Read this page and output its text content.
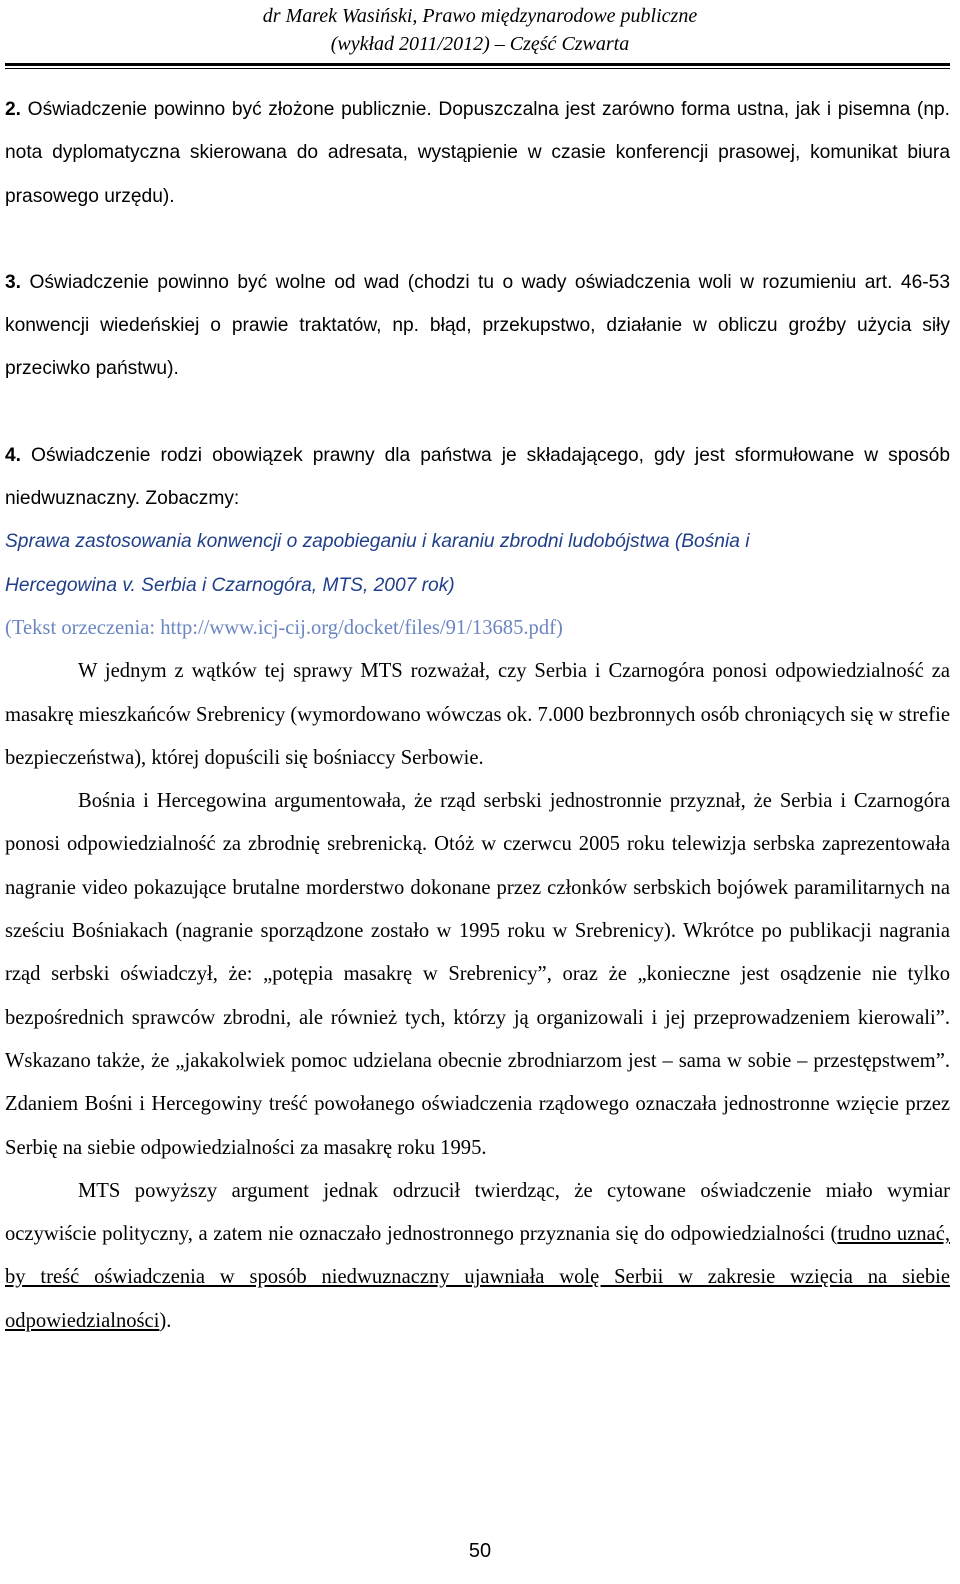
dr Marek Wasiński, Prawo międzynarodowe publiczne
(wykład 2011/2012) – Część Czwarta

2. Oświadczenie powinno być złożone publicznie. Dopuszczalna jest zarówno forma ustna, jak i pisemna (np. nota dyplomatyczna skierowana do adresata, wystąpienie w czasie konferencji prasowej, komunikat biura prasowego urzędu).

3. Oświadczenie powinno być wolne od wad (chodzi tu o wady oświadczenia woli w rozumieniu art. 46-53 konwencji wiedeńskiej o prawie traktatów, np. błąd, przekupstwo, działanie w obliczu groźby użycia siły przeciwko państwu).

4. Oświadczenie rodzi obowiązek prawny dla państwa je składającego, gdy jest sformułowane w sposób niedwuznaczny. Zobaczmy:

Sprawa zastosowania konwencji o zapobieganiu i karaniu zbrodni ludobójstwa (Bośnia i

Hercegowina v. Serbia i Czarnogóra, MTS, 2007 rok)

(Tekst orzeczenia: http://www.icj-cij.org/docket/files/91/13685.pdf)

W jednym z wątków tej sprawy MTS rozważał, czy Serbia i Czarnogóra ponosi odpowiedzialność za masakrę mieszkańców Srebrenicy (wymordowano wówczas ok. 7.000 bezbronnych osób chroniących się w strefie bezpieczeństwa), której dopuścili się bośniaccy Serbowie.

Bośnia i Hercegowina argumentowała, że rząd serbski jednostronnie przyznał, że Serbia i Czarnogóra ponosi odpowiedzialność za zbrodnię srebrenicką. Otóż w czerwcu 2005 roku telewizja serbska zaprezentowała nagranie video pokazujące brutalne morderstwo dokonane przez członków serbskich bojówek paramilitarnych na sześciu Bośniakach (nagranie sporządzone zostało w 1995 roku w Srebrenicy). Wkrótce po publikacji nagrania rząd serbski oświadczył, że: „potępia masakrę w Srebrenicy”, oraz że „konieczne jest osądzenie nie tylko bezpośrednich sprawców zbrodni, ale również tych, którzy ją organizowali i jej przeprowadzeniem kierowali”. Wskazano także, że „jakakolwiek pomoc udzielana obecnie zbrodniarzom jest – sama w sobie – przestępstwem”. Zdaniem Bośni i Hercegowiny treść powołanego oświadczenia rządowego oznaczała jednostronne wzięcie przez Serbię na siebie odpowiedzialności za masakrę roku 1995.

MTS powyższy argument jednak odrzucił twierdząc, że cytowane oświadczenie miało wymiar oczywiście polityczny, a zatem nie oznaczało jednostronnego przyznania się do odpowiedzialności (trudno uznać, by treść oświadczenia w sposób niedwuznaczny ujawniała wolę Serbii w zakresie wzięcia na siebie odpowiedzialności).

50
